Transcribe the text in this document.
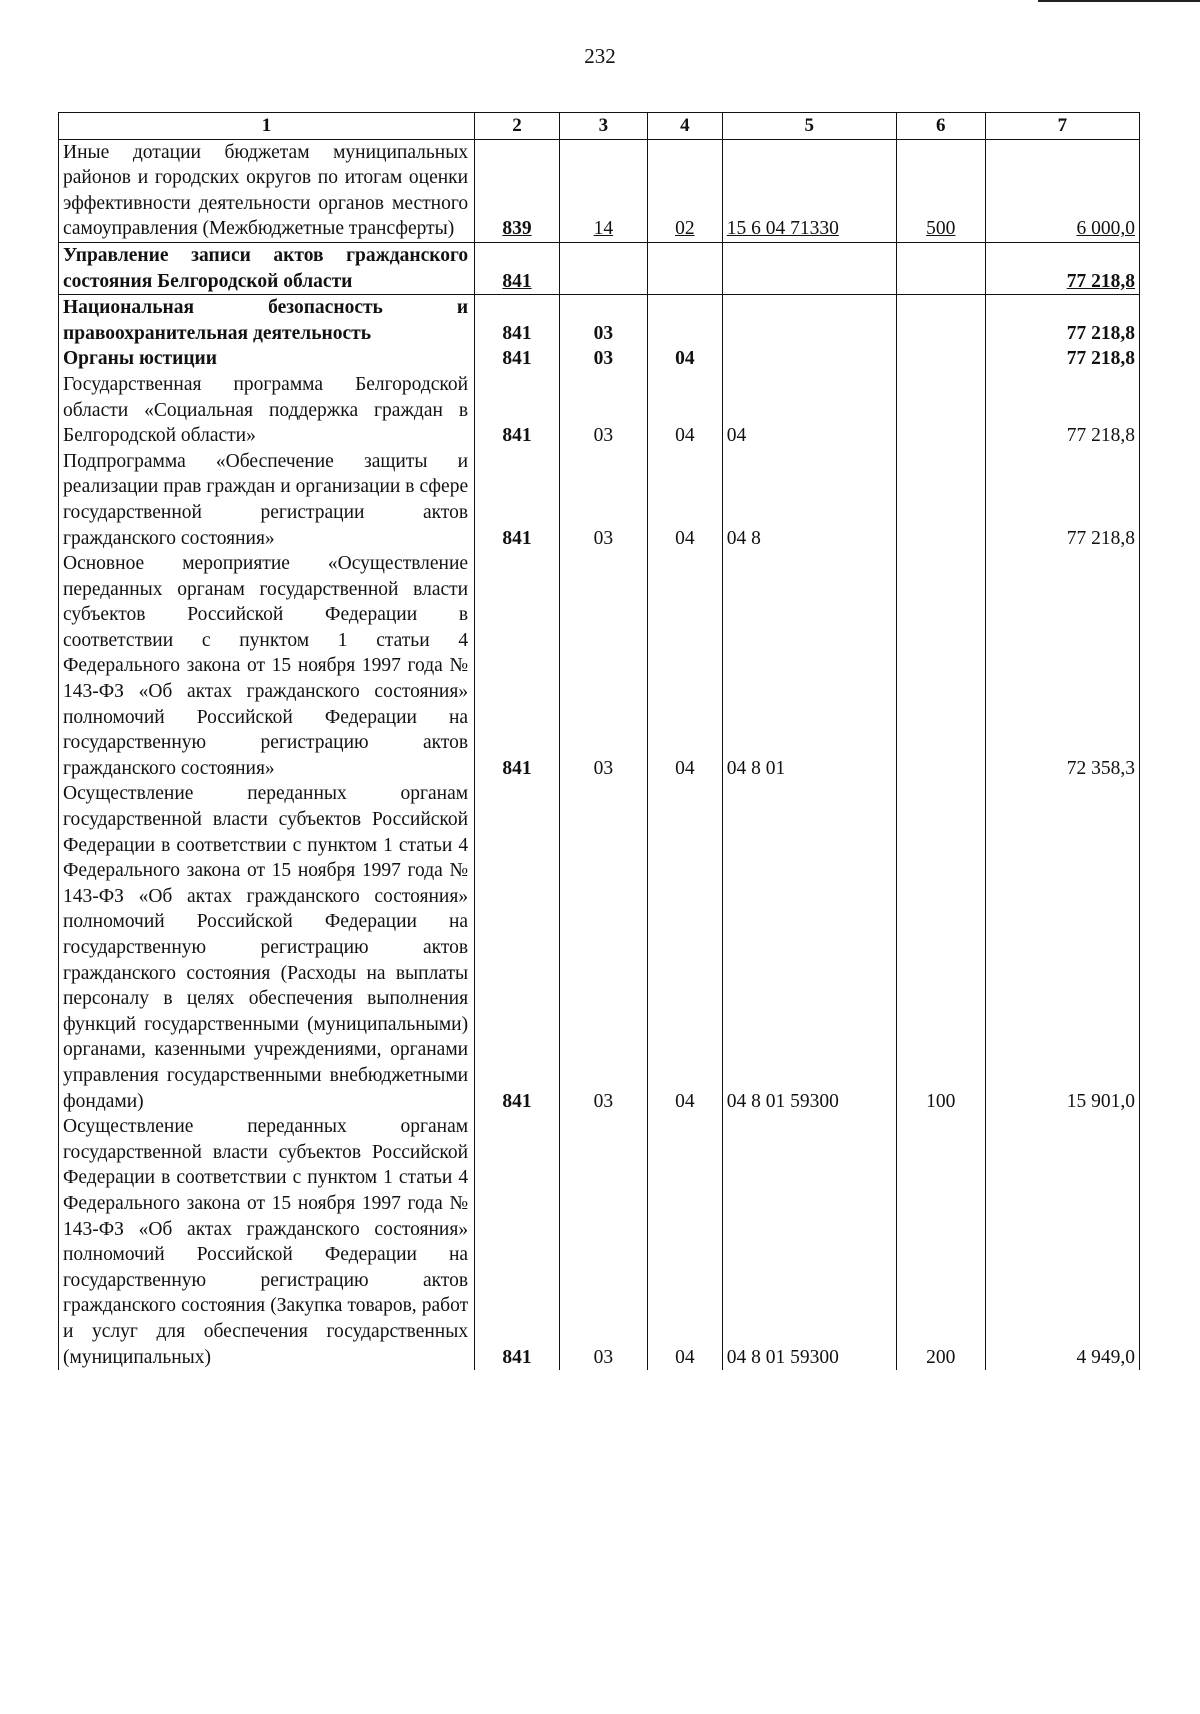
232
1	2	3	4	5	6	7
Иные дотации бюджетам муниципальных районов и городских округов по итогам оценки эффективности деятельности органов местного самоуправления (Межбюджетные трансферты)	839	14	02	15 6 04 71330	500	6 000,0
Управление записи актов гражданского состояния Белгородской области	841					77 218,8
Национальная безопасность и правоохранительная деятельность	841	03				77 218,8
Органы юстиции	841	03	04			77 218,8
Государственная программа Белгородской области «Социальная поддержка граждан в Белгородской области»	841	03	04	04		77 218,8
Подпрограмма «Обеспечение защиты и реализации прав граждан и организации в сфере государственной регистрации актов гражданского состояния»	841	03	04	04 8		77 218,8
Основное мероприятие «Осуществление переданных органам государственной власти субъектов Российской Федерации в соответствии с пунктом 1 статьи 4 Федерального закона от 15 ноября 1997 года № 143-ФЗ «Об актах гражданского состояния» полномочий Российской Федерации на государственную регистрацию актов гражданского состояния»	841	03	04	04 8 01		72 358,3
Осуществление переданных органам государственной власти субъектов Российской Федерации в соответствии с пунктом 1 статьи 4 Федерального закона от 15 ноября 1997 года № 143-ФЗ «Об актах гражданского состояния» полномочий Российской Федерации на государственную регистрацию актов гражданского состояния (Расходы на выплаты персоналу в целях обеспечения выполнения функций государственными (муниципальными) органами, казенными учреждениями, органами управления государственными внебюджетными фондами)	841	03	04	04 8 01 59300	100	15 901,0
Осуществление переданных органам государственной власти субъектов Российской Федерации в соответствии с пунктом 1 статьи 4 Федерального закона от 15 ноября 1997 года № 143-ФЗ «Об актах гражданского состояния» полномочий Российской Федерации на государственную регистрацию актов гражданского состояния (Закупка товаров, работ и услуг для обеспечения государственных (муниципальных)	841	03	04	04 8 01 59300	200	4 949,0
